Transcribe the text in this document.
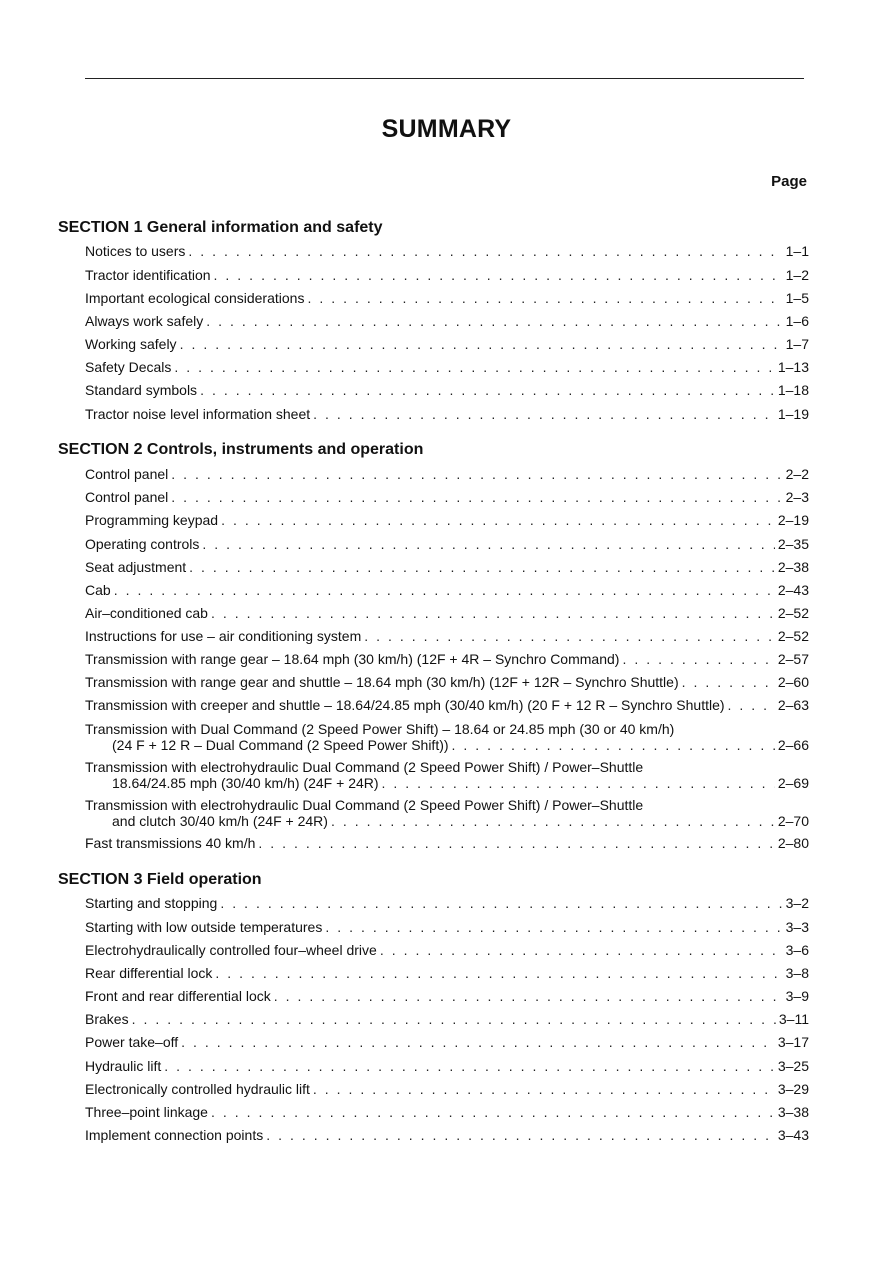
SUMMARY
Page
SECTION 1 General information and safety
Notices to users . . .	1–1
Tractor identification . . .	1–2
Important ecological considerations . . .	1–5
Always work safely . . .	1–6
Working safely . . .	1–7
Safety Decals . . .	1–13
Standard symbols . . .	1–18
Tractor noise level information sheet . . .	1–19
SECTION 2 Controls, instruments and operation
Control panel . . .	2–2
Control panel . . .	2–3
Programming keypad . . .	2–19
Operating controls . . .	2–35
Seat adjustment . . .	2–38
Cab . . .	2–43
Air–conditioned cab . . .	2–52
Instructions for use – air conditioning system . . .	2–52
Transmission with range gear – 18.64 mph (30 km/h) (12F + 4R – Synchro Command) . . .	2–57
Transmission with range gear and shuttle – 18.64 mph (30 km/h) (12F + 12R – Synchro Shuttle) . . .	2–60
Transmission with creeper and shuttle – 18.64/24.85 mph (30/40 km/h) (20 F + 12 R – Synchro Shuttle) . . .	2–63
Transmission with Dual Command (2 Speed Power Shift) – 18.64 or 24.85 mph (30 or 40 km/h)
(24 F + 12 R – Dual Command (2 Speed Power Shift)) . . .	2–66
Transmission with electrohydraulic Dual Command (2 Speed Power Shift) / Power–Shuttle
18.64/24.85 mph (30/40 km/h) (24F + 24R) . . .	2–69
Transmission with electrohydraulic Dual Command (2 Speed Power Shift) / Power–Shuttle
and clutch 30/40 km/h (24F + 24R) . . .	2–70
Fast transmissions 40 km/h . . .	2–80
SECTION 3 Field operation
Starting and stopping . . .	3–2
Starting with low outside temperatures . . .	3–3
Electrohydraulically controlled four–wheel drive . . .	3–6
Rear differential lock . . .	3–8
Front and rear differential lock . . .	3–9
Brakes . . .	3–11
Power take–off . . .	3–17
Hydraulic lift . . .	3–25
Electronically controlled hydraulic lift . . .	3–29
Three–point linkage . . .	3–38
Implement connection points . . .	3–43
